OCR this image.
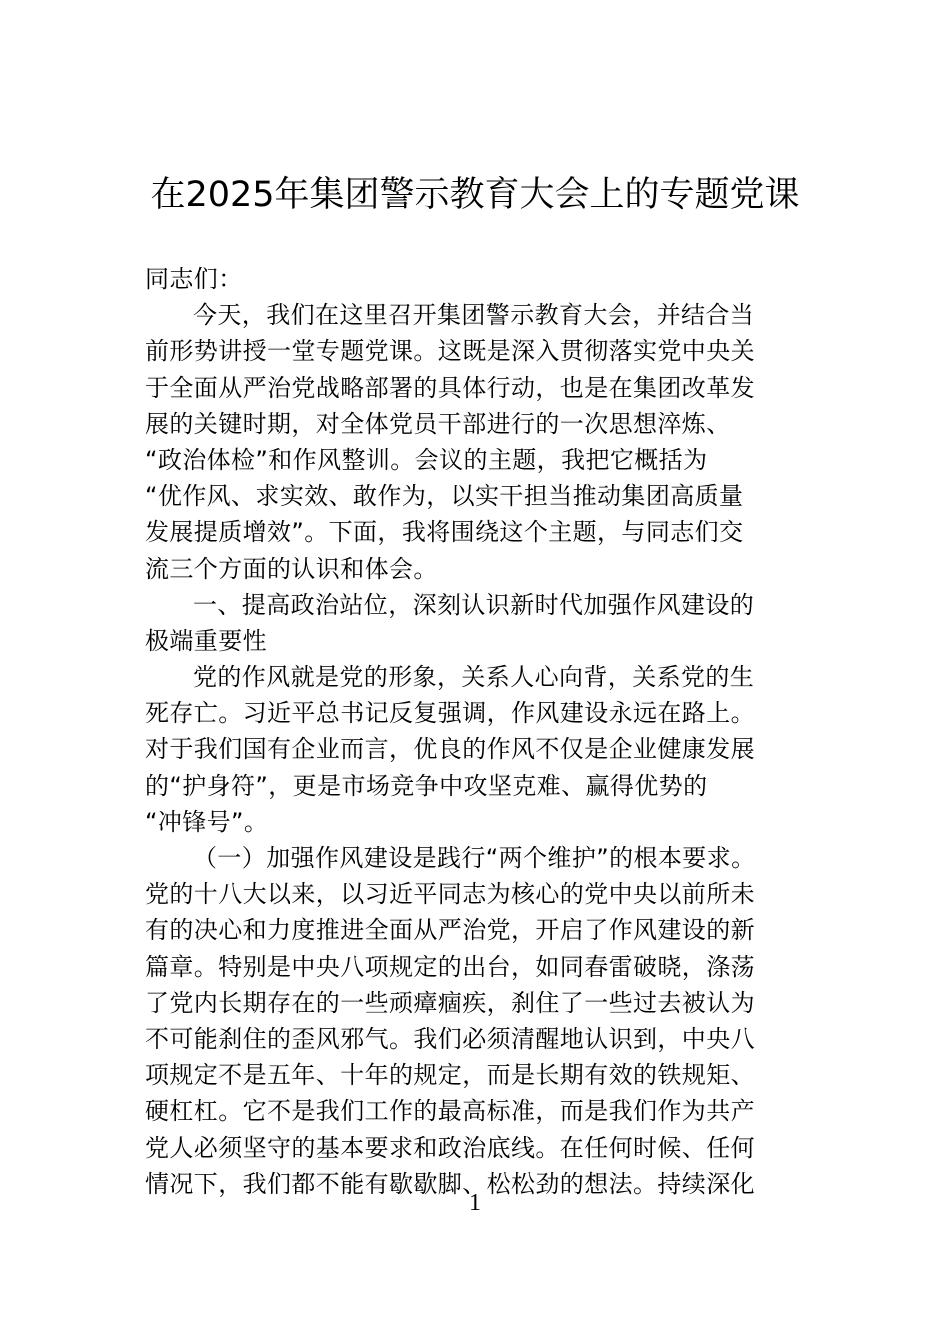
在2025年集团警示教育大会上的专题党课
同志们：
今天，我们在这里召开集团警示教育大会，并结合当
前形势讲授一堂专题党课。这既是深入贯彻落实党中央关
于全面从严治党战略部署的具体行动，也是在集团改革发
展的关键时期，对全体党员干部进行的一次思想淬炼、
“政治体检”和作风整训。会议的主题，我把它概括为
“优作风、求实效、敢作为，以实干担当推动集团高质量
发展提质增效”。下面，我将围绕这个主题，与同志们交
流三个方面的认识和体会。
一、提高政治站位，深刻认识新时代加强作风建设的
极端重要性
党的作风就是党的形象，关系人心向背，关系党的生
死存亡。习近平总书记反复强调，作风建设永远在路上。
对于我们国有企业而言，优良的作风不仅是企业健康发展
的“护身符”，更是市场竞争中攻坚克难、赢得优势的
“冲锋号”。
（一）加强作风建设是践行“两个维护”的根本要求。
党的十八大以来，以习近平同志为核心的党中央以前所未
有的决心和力度推进全面从严治党，开启了作风建设的新
篇章。特别是中央八项规定的出台，如同春雷破晓，涤荡
了党内长期存在的一些顽瘴痼疾，刹住了一些过去被认为
不可能刹住的歪风邪气。我们必须清醒地认识到，中央八
项规定不是五年、十年的规定，而是长期有效的铁规矩、
硬杠杠。它不是我们工作的最高标准，而是我们作为共产
党人必须坚守的基本要求和政治底线。在任何时候、任何
情况下，我们都不能有歇歇脚、松松劲的想法。持续深化
1
